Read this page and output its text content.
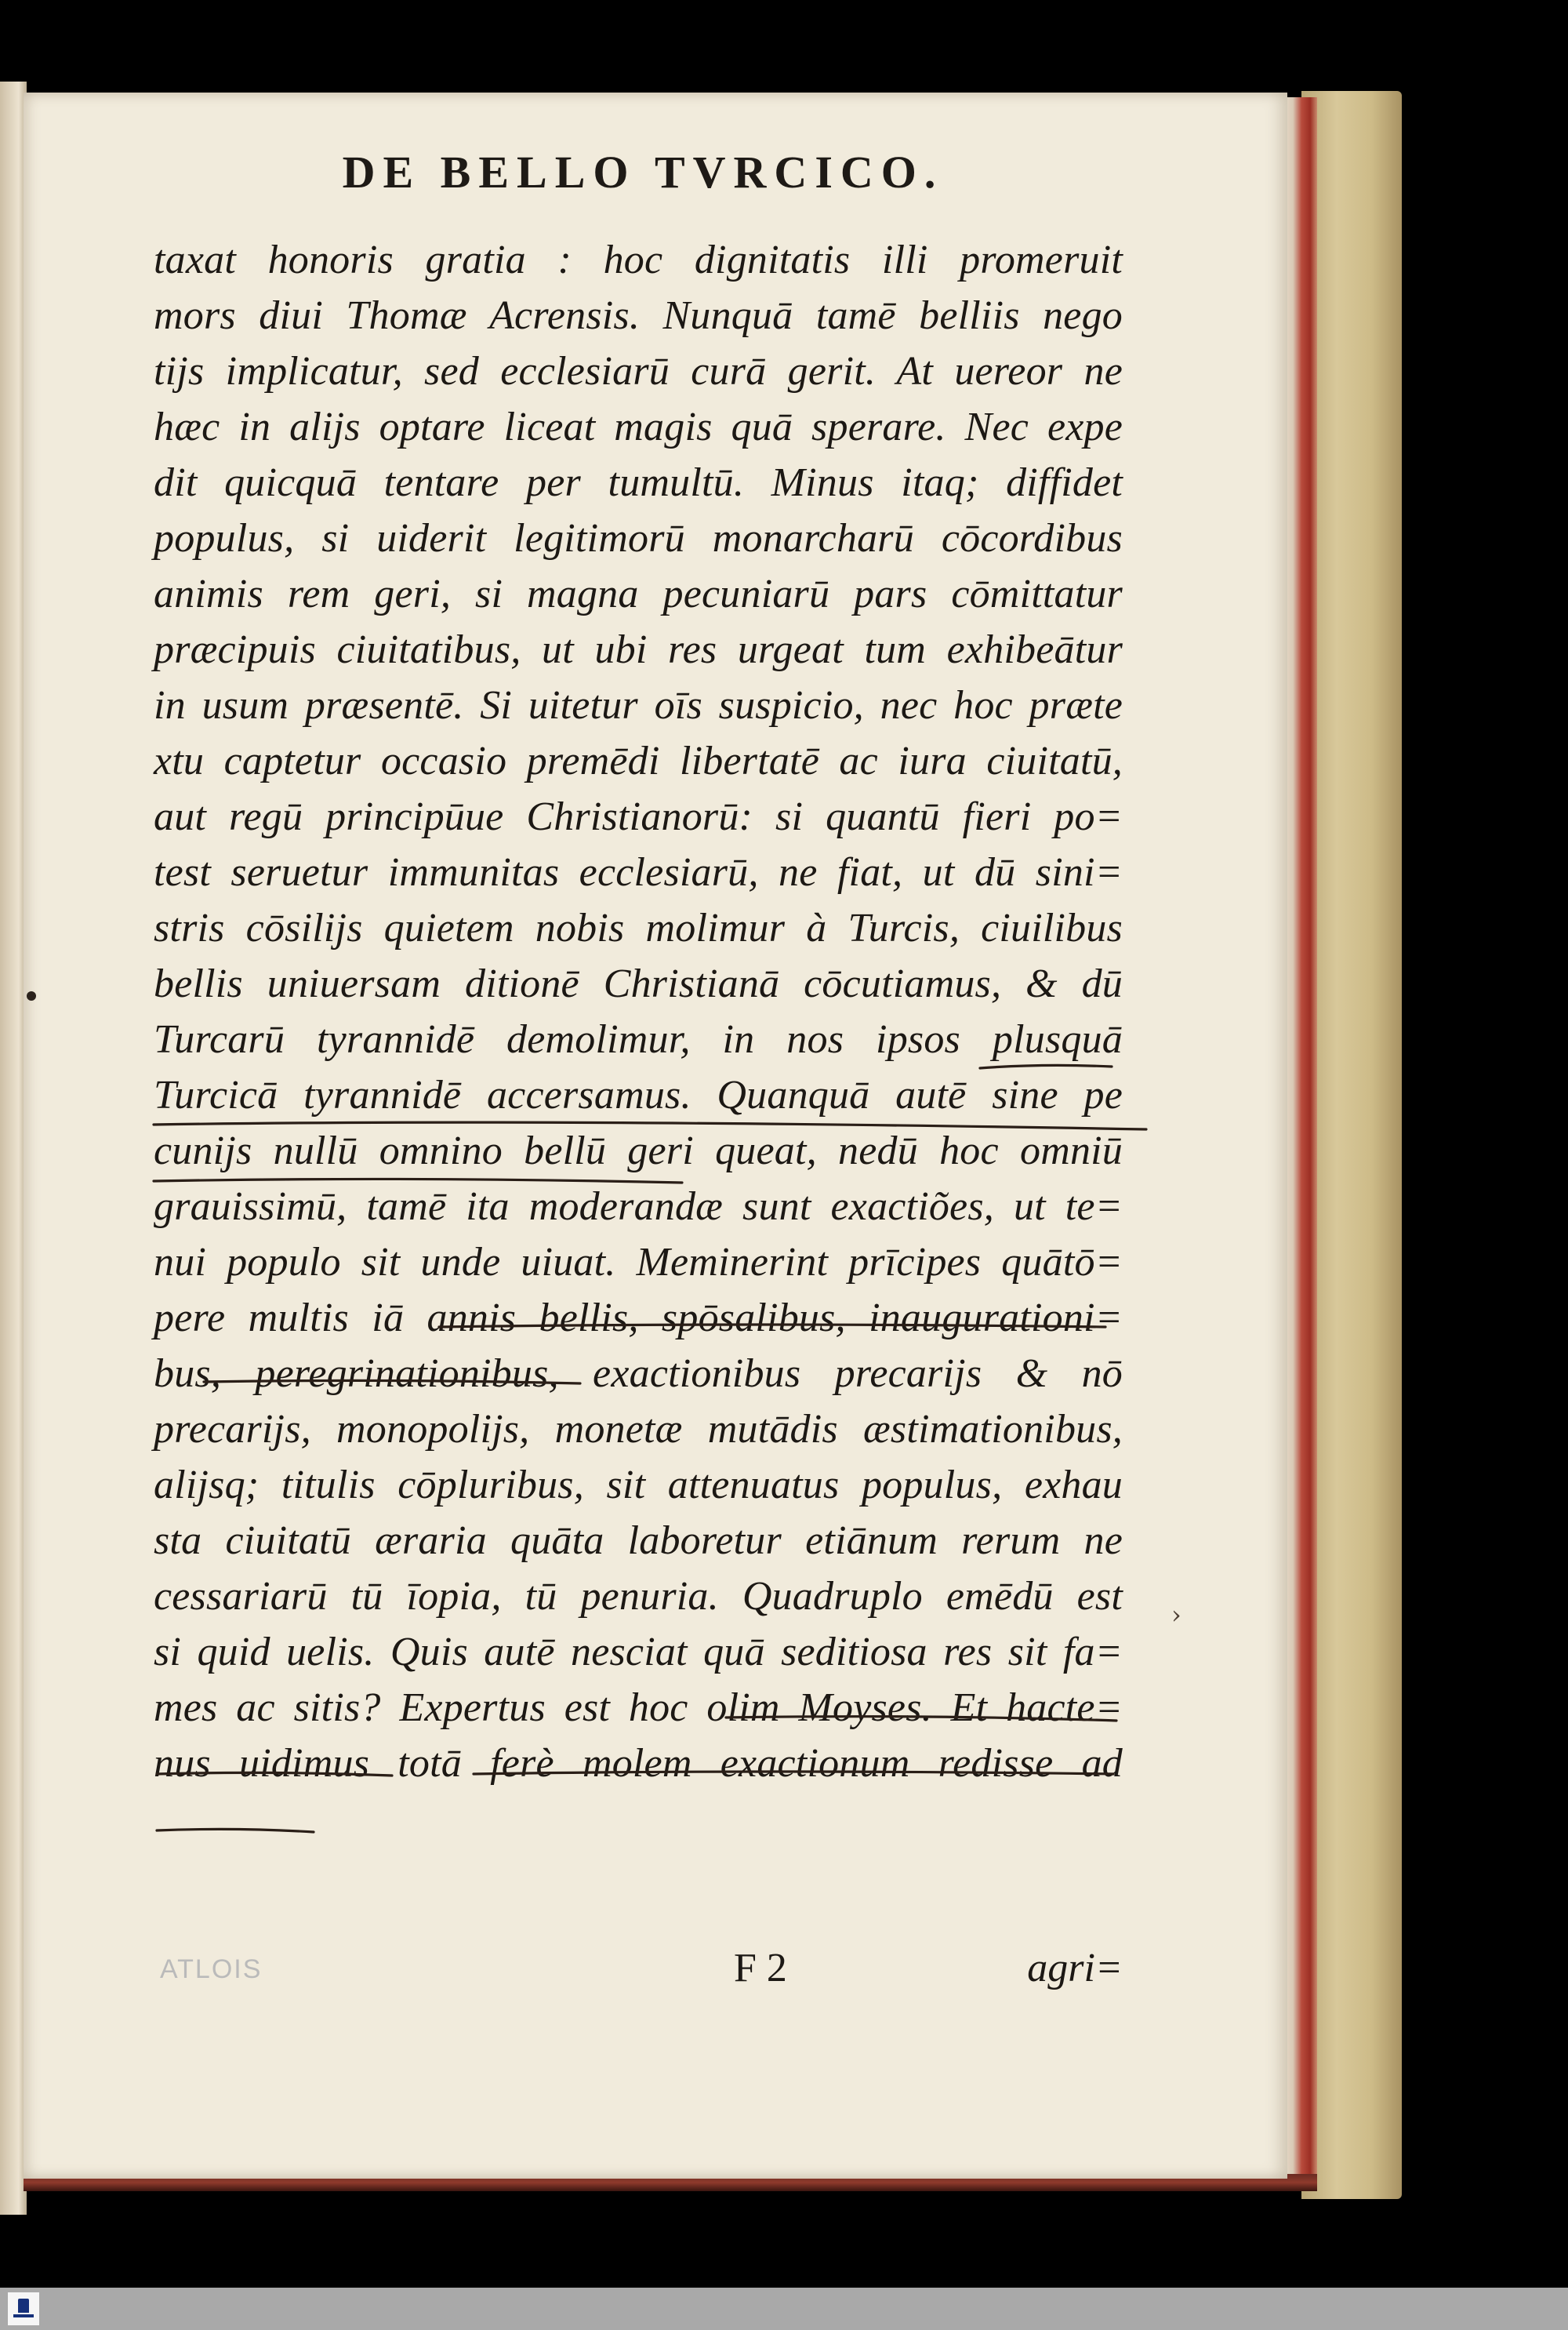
DE BELLO TVRCICO.
taxat honoris gratia : hoc dignitatis illi promeruit
mors diui Thomæ Acrensis. Nunquā tamē belliis nego
tijs implicatur, sed ecclesiarū curā gerit. At uereor ne
hæc in alijs optare liceat magis quā sperare. Nec expe
dit quicquā tentare per tumultū. Minus itaq; diffidet
populus, si uiderit legitimorū monarcharū cōcordibus
animis rem geri, si magna pecuniarū pars cōmittatur
præcipuis ciuitatibus, ut ubi res urgeat tum exhibeātur
in usum præsentē. Si uitetur oīs suspicio, nec hoc præte
xtu captetur occasio premēdi libertatē ac iura ciuitatū,
aut regū principūue Christianorū: si quantū fieri po=
test seruetur immunitas ecclesiarū, ne fiat, ut dū sini=
stris cōsilijs quietem nobis molimur à Turcis, ciuilibus
bellis uniuersam ditionē Christianā cōcutiamus, & dū
Turcarū tyrannidē demolimur, in nos ipsos plusquā
Turcicā tyrannidē accersamus. Quanquā autē sine pe
cunijs nullū omnino bellū geri queat, nedū hoc omniū
grauissimū, tamē ita moderandæ sunt exactiões, ut te=
nui populo sit unde uiuat. Meminerint prīcipes quātō=
pere multis iā annis bellis, spōsalibus, inaugurationi=
bus, peregrinationibus, exactionibus precarijs & nō
precarijs, monopolijs, monetæ mutādis æstimationibus,
alijsq; titulis cōpluribus, sit attenuatus populus, exhau
sta ciuitatū æraria quāta laboretur etiānum rerum ne
cessariarū tū īopia, tū penuria. Quadruplo emēdū est
si quid uelis. Quis autē nesciat quā seditiosa res sit fa=
mes ac sitis? Expertus est hoc olim Moyses. Et hacte=
nus uidimus totā ferè molem exactionum redisse ad
ATLOIS	F 2	agri=
›
